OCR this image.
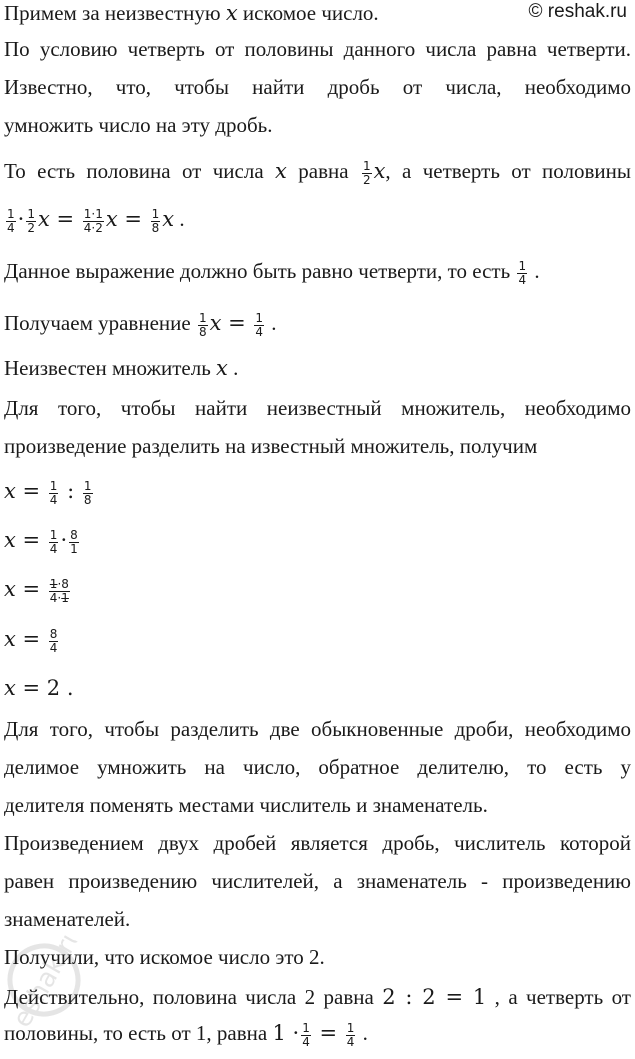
© reshak.ru
reshak.ru
Примем за неизвестную x искомое число.
По условию четверть от половины данного числа равна четверти.
Известно, что, чтобы найти дробь от числа, необходимо
умножить число на эту дробь.
То есть половина от числа x равна $\frac{1}{2} x$, а четверть от половины
$\frac{1}{4} \cdot \frac{1}{2}$ $x = \frac{1\cdot 1}{4\cdot 2}$ $x = \frac{1}{8}$ x .
Данное выражение должно быть равно четверти, то есть $\frac{1}{4}$ .
Получаем уравнение $\frac{1}{8}$ $x = \frac{1}{4}$ .
Неизвестен множитель x .
Для того, чтобы найти неизвестный множитель, необходимо
произведение разделить на известный множитель, получим
$x = \frac{1}{4}$ : $\frac{1}{8}$
$x = \frac{1}{4} \cdot \frac{8}{1}$
$x = \frac{1\cdot 8}{4\cdot 1}$
$x = \frac{8}{4}$
x = 2 .
Для того, чтобы разделить две обыкновенные дроби, необходимо
делимое умножить на число, обратное делителю, то есть у
делителя поменять местами числитель и знаменатель.
Произведением двух дробей является дробь, числитель которой
равен произведению числителей, а знаменатель - произведению
знаменателей.
Получили, что искомое число это 2.
Действительно, половина числа 2 равна 2 : 2 = 1 , а четверть от
половины, то есть от 1, равна $1 \cdot \frac{1}{4} = \frac{1}{4}$ .
